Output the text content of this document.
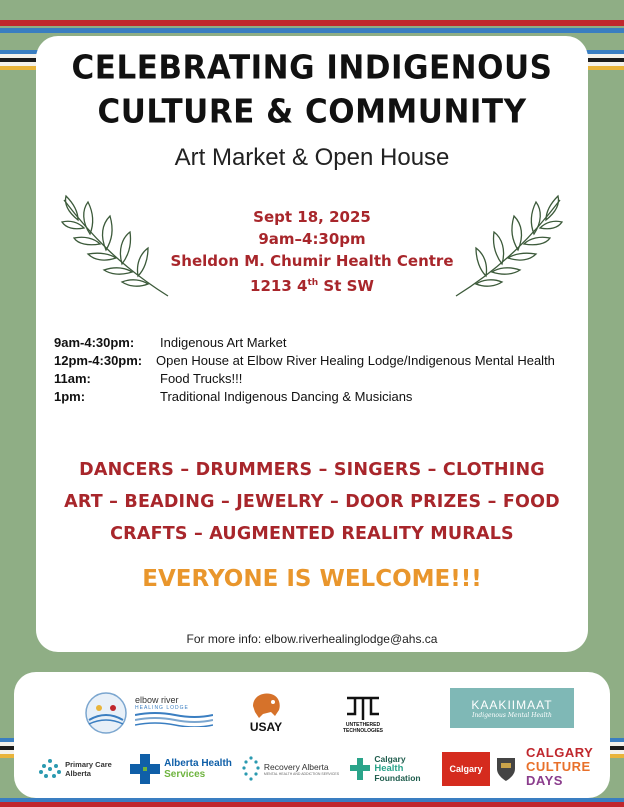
CELEBRATING INDIGENOUS
CULTURE & COMMUNITY
Art Market & Open House
Sept 18, 2025
9am–4:30pm
Sheldon M. Chumir Health Centre
1213 4th St SW
9am-4:30pm:	Indigenous Art Market
12pm-4:30pm:	Open House at Elbow River Healing Lodge/Indigenous Mental Health
11am:	Food Trucks!!!
1pm:	Traditional Indigenous Dancing & Musicians
DANCERS – DRUMMERS – SINGERS – CLOTHING
ART – BEADING – JEWELRY – DOOR PRIZES – FOOD
CRAFTS – AUGMENTED REALITY MURALS
EVERYONE IS WELCOME!!!
For more info: elbow.riverhealinglodge@ahs.ca
elbow river
HEALING LODGE
USAY	UNTETHERED
TECHNOLOGIES
KAAKIIMAAT
Indigenous Mental Health
Primary Care
Alberta
Alberta Health
Services
Recovery Alberta
MENTAL HEALTH AND ADDICTION SERVICES
Calgary
Health
Foundation
Calgary
CALGARY
CULTURE
DAYS
